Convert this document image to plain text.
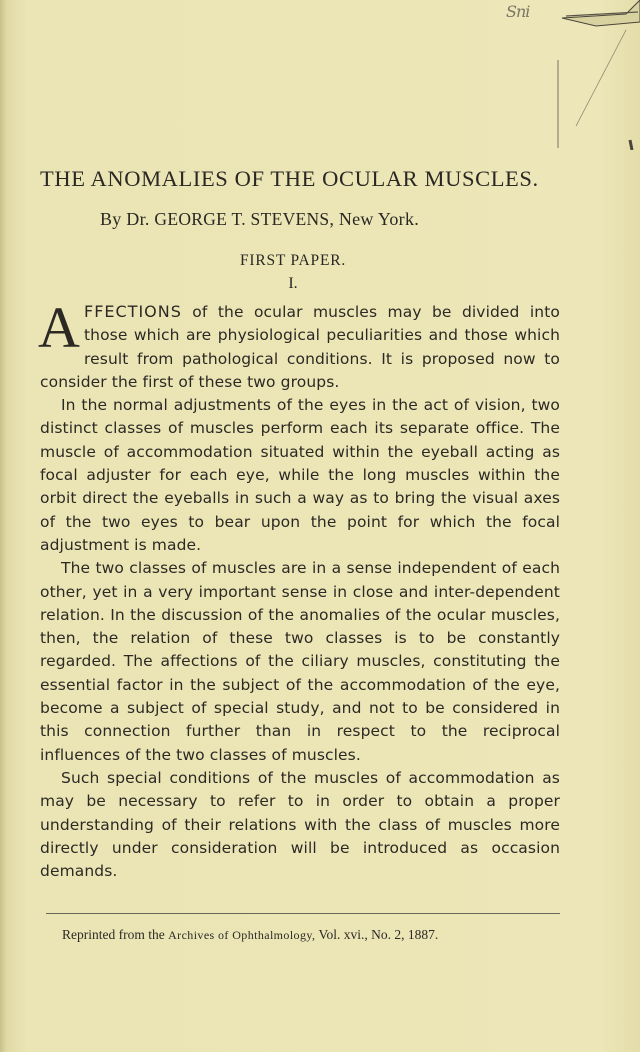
Sni
THE ANOMALIES OF THE OCULAR MUSCLES.
By Dr. GEORGE T. STEVENS, New York.
FIRST PAPER.
I.

AFFECTIONS of the ocular muscles may be divided into those which are physiological peculiarities and those which result from pathological conditions. It is proposed now to consider the first of these two groups.

In the normal adjustments of the eyes in the act of vision, two distinct classes of muscles perform each its separate office. The muscle of accommodation situated within the eyeball acting as focal adjuster for each eye, while the long muscles within the orbit direct the eyeballs in such a way as to bring the visual axes of the two eyes to bear upon the point for which the focal adjustment is made.

The two classes of muscles are in a sense independent of each other, yet in a very important sense in close and inter-dependent relation. In the discussion of the anomalies of the ocular muscles, then, the relation of these two classes is to be constantly regarded. The affections of the ciliary muscles, constituting the essential factor in the subject of the accommodation of the eye, become a subject of special study, and not to be considered in this connection further than in respect to the reciprocal influences of the two classes of muscles.

Such special conditions of the muscles of accommodation as may be necessary to refer to in order to obtain a proper understanding of their relations with the class of muscles more directly under consideration will be introduced as occasion demands.

Reprinted from the Archives of Ophthalmology, Vol. xvi., No. 2, 1887.
